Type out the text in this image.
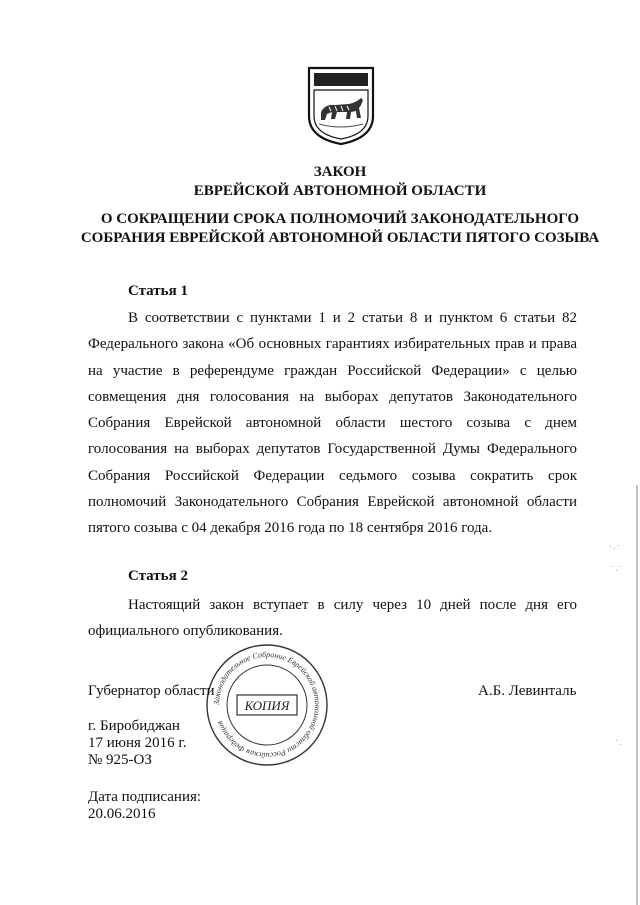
ЗАКОН
ЕВРЕЙСКОЙ АВТОНОМНОЙ ОБЛАСТИ
О СОКРАЩЕНИИ СРОКА ПОЛНОМОЧИЙ ЗАКОНОДАТЕЛЬНОГО СОБРАНИЯ ЕВРЕЙСКОЙ АВТОНОМНОЙ ОБЛАСТИ ПЯТОГО СОЗЫВА
Статья 1

В соответствии с пунктами 1 и 2 статьи 8 и пунктом 6 статьи 82 Федерального закона «Об основных гарантиях избирательных прав и права на участие в референдуме граждан Российской Федерации» с целью совмещения дня голосования на выборах депутатов Законодательного Собрания Еврейской автономной области шестого созыва с днем голосования на выборах депутатов Государственной Думы Федерального Собрания Российской Федерации седьмого созыва сократить срок полномочий Законодательного Собрания Еврейской автономной области пятого созыва с 04 декабря 2016 года по 18 сентября 2016 года.

Статья 2

Настоящий закон вступает в силу через 10 дней после дня его официального опубликования.

Законодательное Собрание Еврейской автономной области Российская Федерация
КОПИЯ
Губернатор области	А.Б. Левинталь
г. Биробиджан
17 июня 2016 г.
№ 925-ОЗ
Дата подписания:
20.06.2016
